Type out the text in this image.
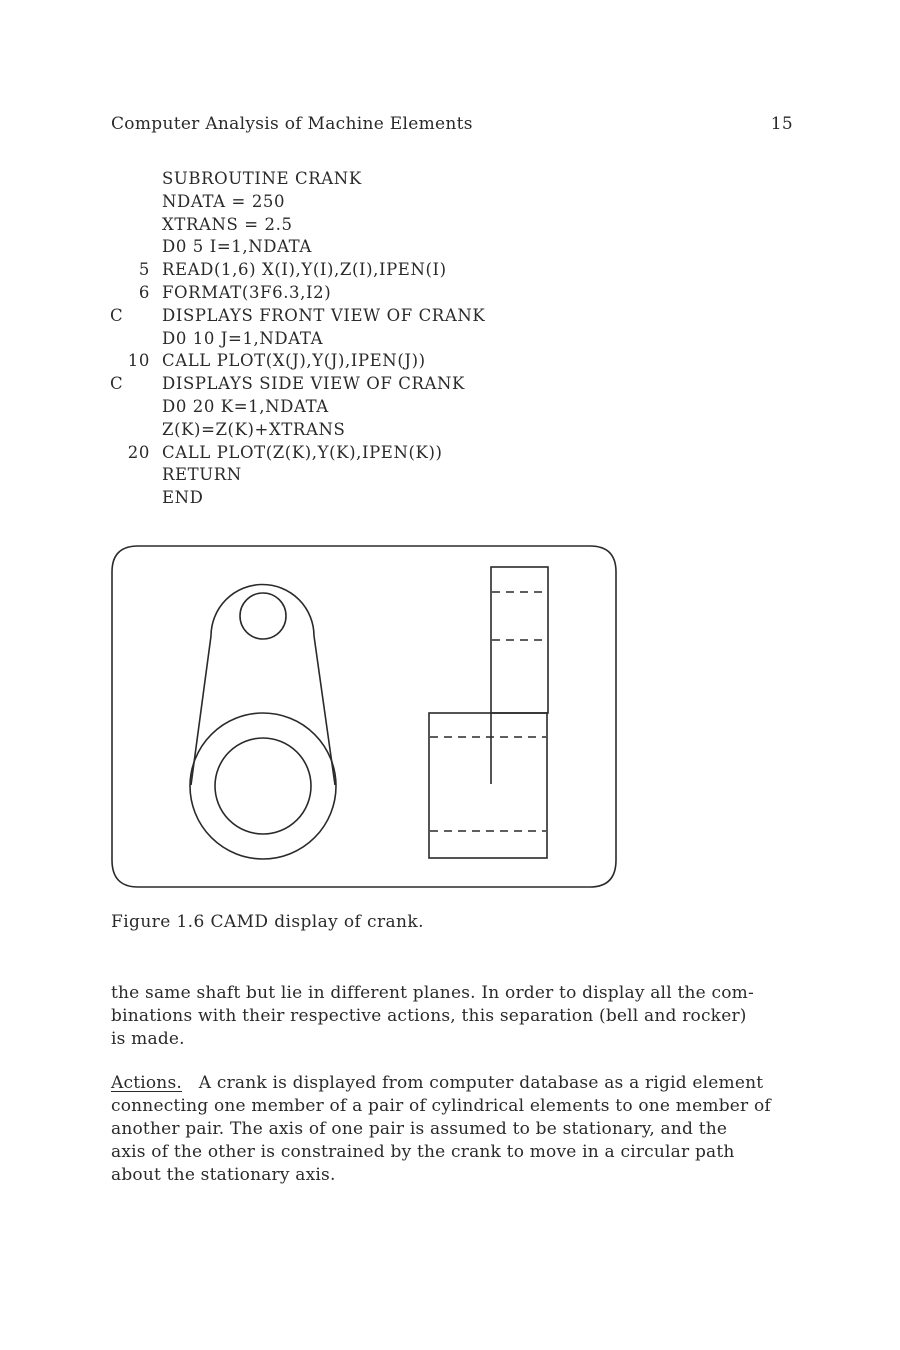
Computer Analysis of Machine Elements	15
SUBROUTINE CRANK
NDATA = 250
XTRANS = 2.5
D0 5 I=1,NDATA
5 READ(1,6) X(I),Y(I),Z(I),IPEN(I)
6 FORMAT(3F6.3,I2)
C	DISPLAYS FRONT VIEW OF CRANK
D0 10 J=1,NDATA
10 CALL PLOT(X(J),Y(J),IPEN(J))
C	DISPLAYS SIDE VIEW OF CRANK
D0 20 K=1,NDATA
Z(K)=Z(K)+XTRANS
20 CALL PLOT(Z(K),Y(K),IPEN(K))
RETURN
END
Figure 1.6 CAMD display of crank.
the same shaft but lie in different planes. In order to display all the com-
binations with their respective actions, this separation (bell and rocker)
is made.
Actions. A crank is displayed from computer database as a rigid element
connecting one member of a pair of cylindrical elements to one member of
another pair. The axis of one pair is assumed to be stationary, and the
axis of the other is constrained by the crank to move in a circular path
about the stationary axis.
